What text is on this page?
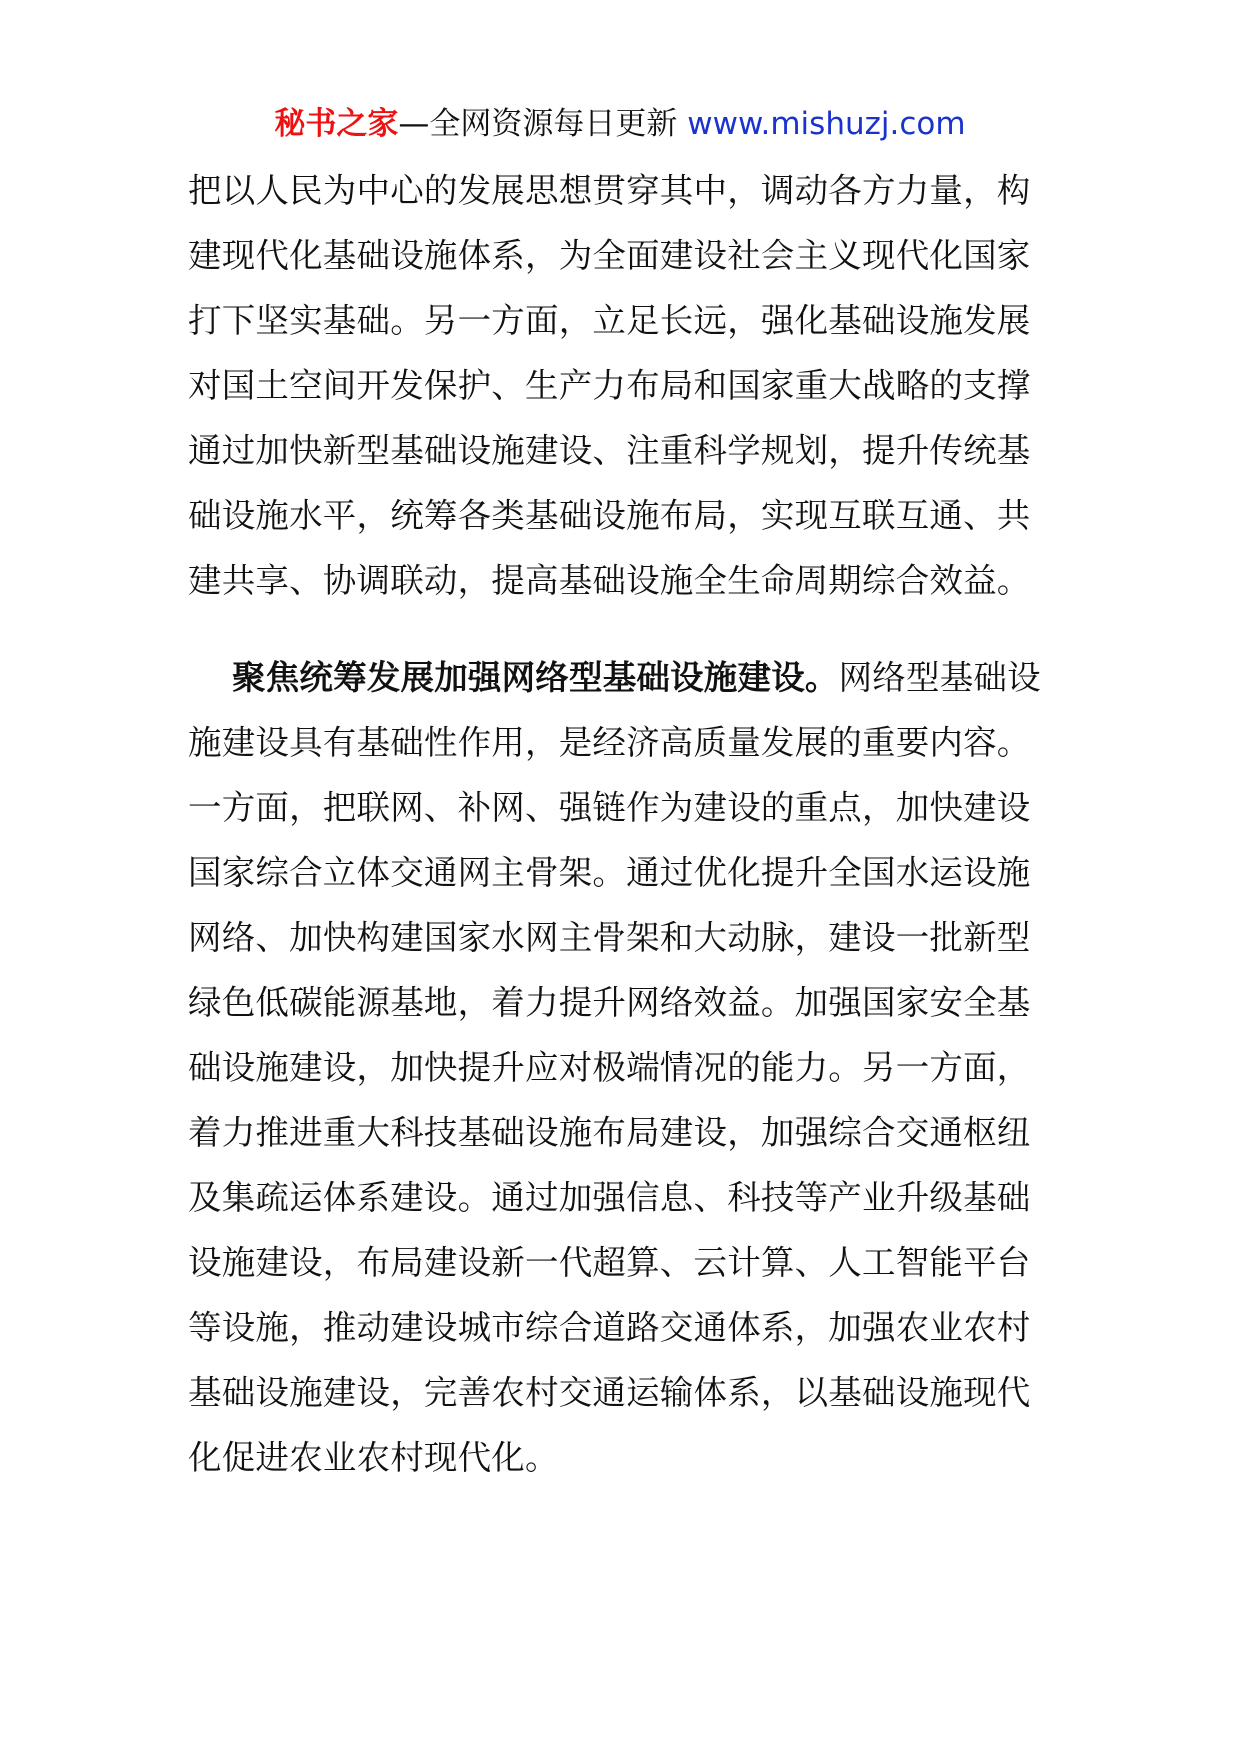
秘书之家—全网资源每日更新 www.mishuzj.com
把以人民为中心的发展思想贯穿其中，调动各方力量，构
建现代化基础设施体系，为全面建设社会主义现代化国家
打下坚实基础。另一方面，立足长远，强化基础设施发展
对国土空间开发保护、生产力布局和国家重大战略的支撑
通过加快新型基础设施建设、注重科学规划，提升传统基
础设施水平，统筹各类基础设施布局，实现互联互通、共
建共享、协调联动，提高基础设施全生命周期综合效益。
聚焦统筹发展加强网络型基础设施建设。网络型基础设
施建设具有基础性作用，是经济高质量发展的重要内容。
一方面，把联网、补网、强链作为建设的重点，加快建设
国家综合立体交通网主骨架。通过优化提升全国水运设施
网络、加快构建国家水网主骨架和大动脉，建设一批新型
绿色低碳能源基地，着力提升网络效益。加强国家安全基
础设施建设，加快提升应对极端情况的能力。另一方面，
着力推进重大科技基础设施布局建设，加强综合交通枢纽
及集疏运体系建设。通过加强信息、科技等产业升级基础
设施建设，布局建设新一代超算、云计算、人工智能平台
等设施，推动建设城市综合道路交通体系，加强农业农村
基础设施建设，完善农村交通运输体系，以基础设施现代
化促进农业农村现代化。
